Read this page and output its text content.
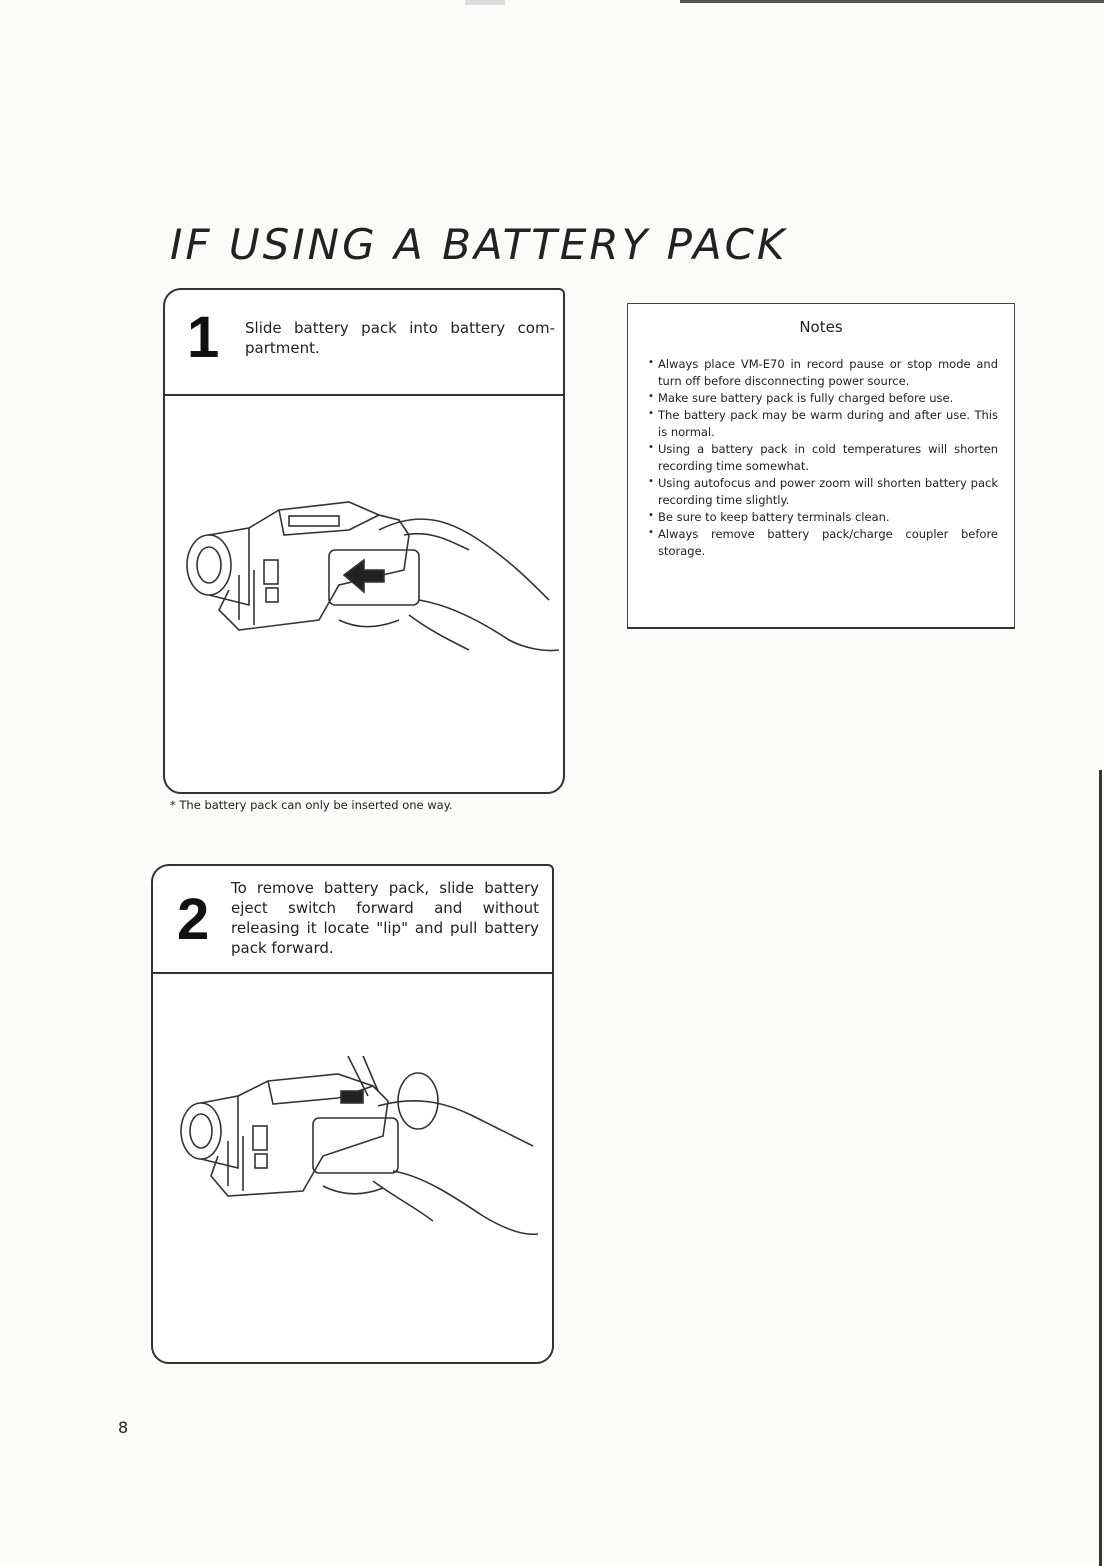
IF USING A BATTERY PACK
1 Slide battery pack into battery compartment.
* The battery pack can only be inserted one way.
2 To remove battery pack, slide battery eject switch forward and without releasing it locate "lip" and pull battery pack forward.
Notes
• Always place VM-E70 in record pause or stop mode and turn off before disconnecting power source.
• Make sure battery pack is fully charged before use.
• The battery pack may be warm during and after use. This is normal.
• Using a battery pack in cold temperatures will shorten recording time somewhat.
• Using autofocus and power zoom will shorten battery pack recording time slightly.
• Be sure to keep battery terminals clean.
• Always remove battery pack/charge coupler before storage.
8
